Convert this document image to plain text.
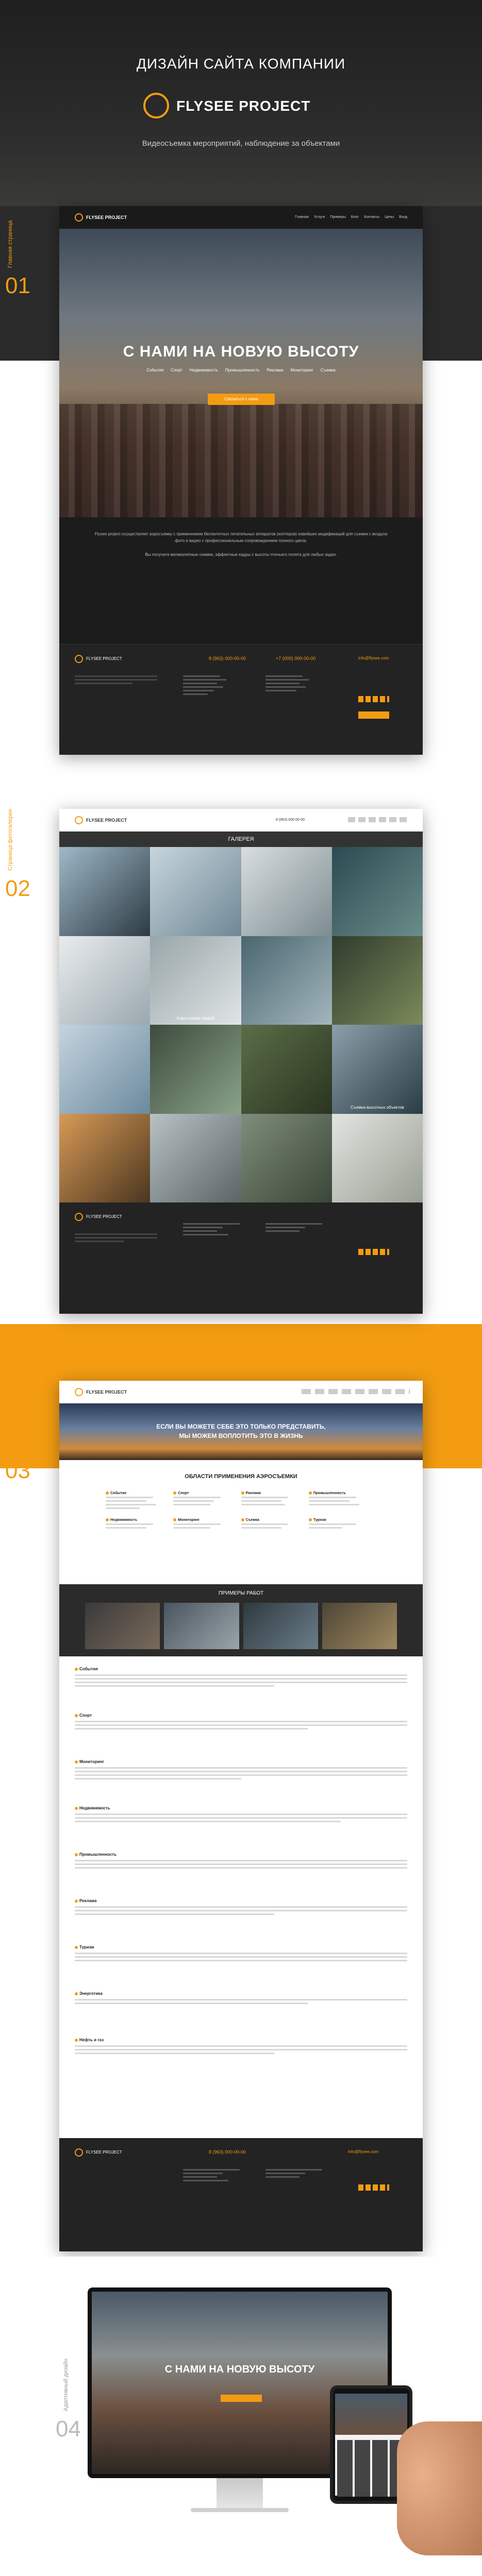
ДИЗАЙН САЙТА КОМПАНИИ
FLYSEE PROJECT
Видеосъемка мероприятий, наблюдение за объектами
01
Главная страница
FLYSEE PROJECT	Главная Услуги Примеры Блог Контакты Цены Вход
С НАМИ НА НОВУЮ ВЫСОТУ
События Спорт Недвижимость Промышленность Реклама Мониторинг Съемка
Связаться с нами
Flysee project осуществляет аэросъемку с применением беспилотных летательных аппаратов (коптеров) новейших модификаций для съемки с воздуха фото и видео с профессиональным сопровождением полного цикла.
Вы получите великолепные снимки, эффектные кадры с высоты птичьего полета для любых задач.
FLYSEE PROJECT	8 (963) 000-00-00	+7 (000) 000-00-00	info@flysee.com
02
Страница фотогалереи	FLYSEE PROJECT	8 (963) 000-00-00
ГАЛЕРЕЯ
Аэросъемка свадеб
Съемка высотных объектов
FLYSEE PROJECT
03
Страница услуг
FLYSEE PROJECT
ЕСЛИ ВЫ МОЖЕТЕ СЕБЕ ЭТО ТОЛЬКО ПРЕДСТАВИТЬ,
МЫ МОЖЕМ ВОПЛОТИТЬ ЭТО В ЖИЗНЬ
ОБЛАСТИ ПРИМЕНЕНИЯ АЭРОСЪЕМКИ
Событие	Спорт	Реклама	Промышленность
Недвижимость	Мониторинг	Съемка	Туризм
ПРИМЕРЫ РАБОТ
События
Спорт
Мониторинг
Недвижимость
Промышленность
Реклама
Туризм
Энергетика
Нефть и газ
FLYSEE PROJECT	8 (963) 000-00-00	info@flysee.com
04
Адаптивный дизайн	С НАМИ НА НОВУЮ ВЫСОТУ
